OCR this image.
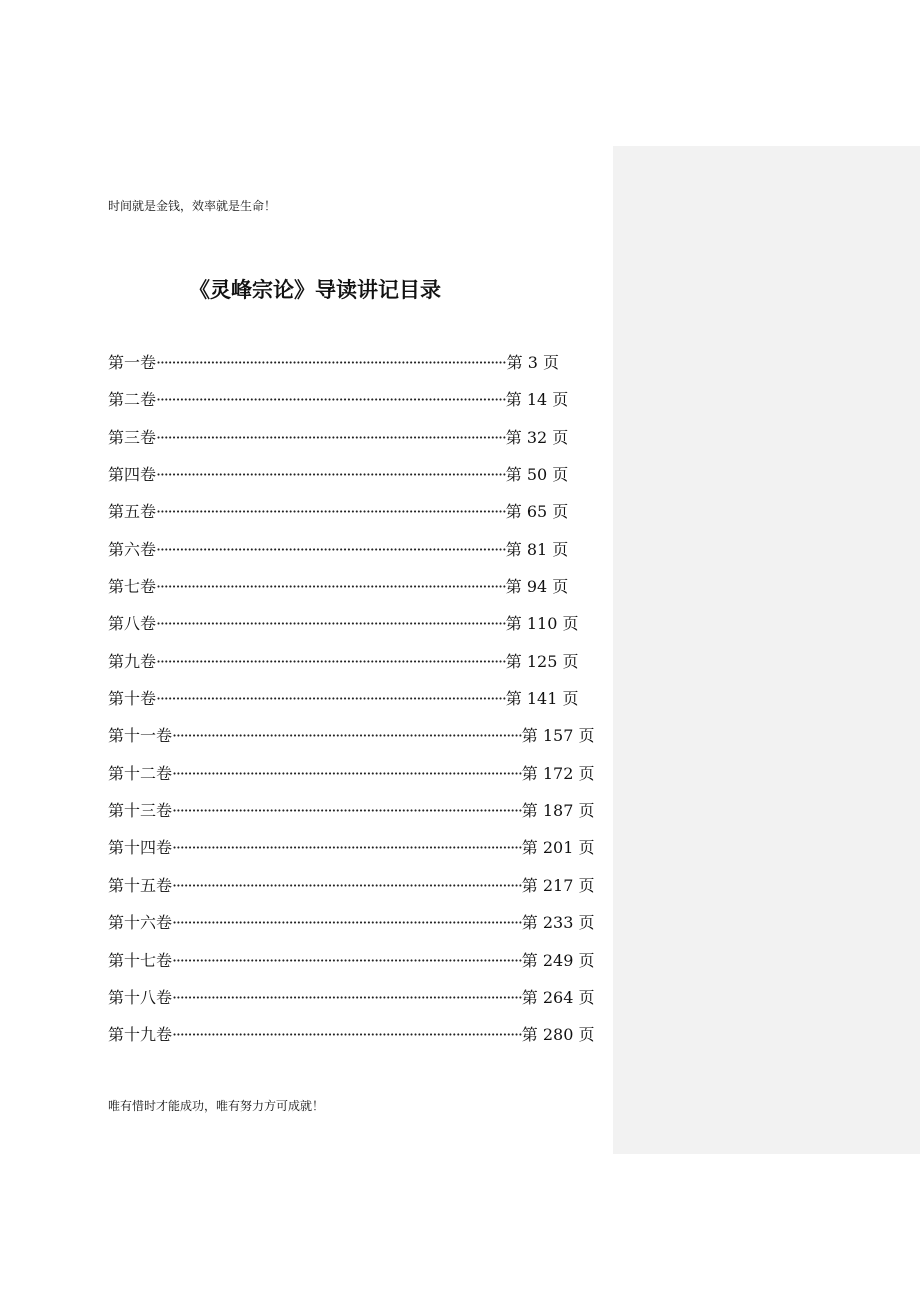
时间就是金钱，效率就是生命！
《灵峰宗论》导读讲记目录
第一卷 ·························································································· 第 3 页
第二卷 ·························································································· 第 14 页
第三卷 ·························································································· 第 32 页
第四卷 ·························································································· 第 50 页
第五卷 ·························································································· 第 65 页
第六卷 ·························································································· 第 81 页
第七卷 ·························································································· 第 94 页
第八卷 ·························································································· 第 110 页
第九卷 ·························································································· 第 125 页
第十卷 ·························································································· 第 141 页
第十一卷 ·························································································· 第 157 页
第十二卷 ·························································································· 第 172 页
第十三卷 ·························································································· 第 187 页
第十四卷 ·························································································· 第 201 页
第十五卷 ·························································································· 第 217 页
第十六卷 ·························································································· 第 233 页
第十七卷 ·························································································· 第 249 页
第十八卷 ·························································································· 第 264 页
第十九卷 ·························································································· 第 280 页
唯有惜时才能成功，唯有努力方可成就！
